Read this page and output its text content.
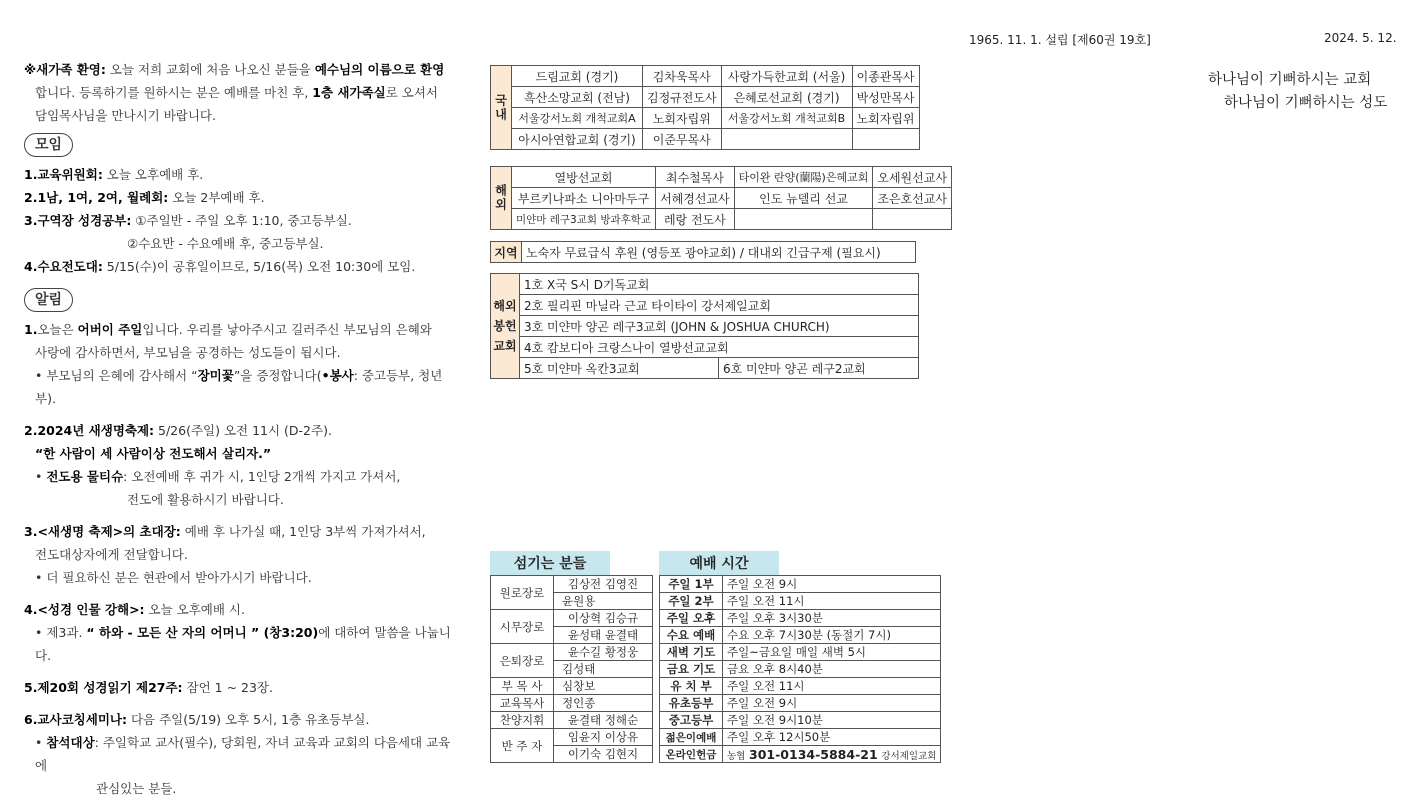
1965. 11. 1. 설립 [제60권 19호]	2024. 5. 12.
하나님이 기뻐하시는 교회
하나님이 기뻐하시는 성도

※새가족 환영: 오늘 저희 교회에 처음 나오신 분들을 예수님의 이름으로 환영

합니다. 등록하기를 원하시는 분은 예배를 마친 후, 1층 새가족실로 오셔서

담임목사님을 만나시기 바랍니다.

모임

1.교육위원회: 오늘 오후예배 후.

2.1남, 1여, 2여, 월례회: 오늘 2부예배 후.

3.구역장 성경공부: ①주일반 - 주일 오후 1:10, 중고등부실.

②수요반 - 수요예배 후, 중고등부실.

4.수요전도대: 5/15(수)이 공휴일이므로, 5/16(목) 오전 10:30에 모임.

알림

1.오늘은 어버이 주일입니다. 우리를 낳아주시고 길러주신 부모님의 은혜와

사랑에 감사하면서, 부모님을 공경하는 성도들이 됩시다.

• 부모님의 은혜에 감사해서 “장미꽃”을 증정합니다(•봉사: 중고등부, 청년부).

2.2024년 새생명축제: 5/26(주일) 오전 11시 (D-2주).

“한 사람이 세 사람이상 전도해서 살리자.”

• 전도용 물티슈: 오전예배 후 귀가 시, 1인당 2개씩 가지고 가셔서,

전도에 활용하시기 바랍니다.

3.<새생명 축제>의 초대장: 예배 후 나가실 때, 1인당 3부씩 가져가셔서,

전도대상자에게 전달합니다.

• 더 필요하신 분은 현관에서 받아가시기 바랍니다.

4.<성경 인물 강해>: 오늘 오후예배 시.

• 제3과. “ 하와 - 모든 산 자의 어머니 ” (창3:20)에 대하여 말씀을 나눕니다.

5.제20회 성경읽기 제27주: 잠언 1 ~ 23장.

6.교사코칭세미나: 다음 주일(5/19) 오후 5시, 1층 유초등부실.

• 참석대상: 주일학교 교사(필수), 당회원, 자녀 교육과 교회의 다음세대 교육에

관심있는 분들.

국내	드림교회 (경기)	김차욱목사	사랑가득한교회 (서울)	이종관목사
	흑산소망교회 (전남)	김정규전도사	은혜로선교회 (경기)	박성만목사
	서울강서노회 개척교회A	노회자립위	서울강서노회 개척교회B	노회자립위
	아시아연합교회 (경기)	이준무목사		
해외	열방선교회	최수철목사	타이완 란양(蘭陽)은혜교회	오세원선교사
	부르키나파소 니아마두구	서혜경선교사	인도 뉴델리 선교	조은호선교사
	미얀마 레구3교회 방과후학교	레랑 전도사		
지역	노숙자 무료급식 후원 (영등포 광야교회) / 대내외 긴급구제 (필요시)
해외봉헌교회	1호 X국 S시 D기독교회	
	2호 필리핀 마닐라 근교 타이타이 강서제일교회	
	3호 미얀마 양곤 레구3교회 (JOHN & JOSHUA CHURCH)	
	4호 캄보디아 크랑스나이 열방선교교회	
	5호 미얀마 옥칸3교회	6호 미얀마 양곤 레구2교회
섬기는 분들
원로장로	김상전 김영진
	윤원용
시무장로	이상혁 김승규
	윤성태 윤결태
은퇴장로	윤수길 황정웅
	김성태
부 목 사	심창보
교육목사	정인종
찬양지휘	윤결태 정해순
반 주 자	임윤지 이상유
	이기숙 김현지
예배 시간
주일 1부	주일 오전 9시
주일 2부	주일 오전 11시
주일 오후	주일 오후 3시30분
수요 예배	수요 오후 7시30분 (동절기 7시)
새벽 기도	주일~금요일 매일 새벽 5시
금요 기도	금요 오후 8시40분
유 치 부	주일 오전 11시
유초등부	주일 오전 9시
중고등부	주일 오전 9시10분
젊은이예배	주일 오후 12시50분
온라인헌금	농협 301-0134-5884-21 강서제일교회
